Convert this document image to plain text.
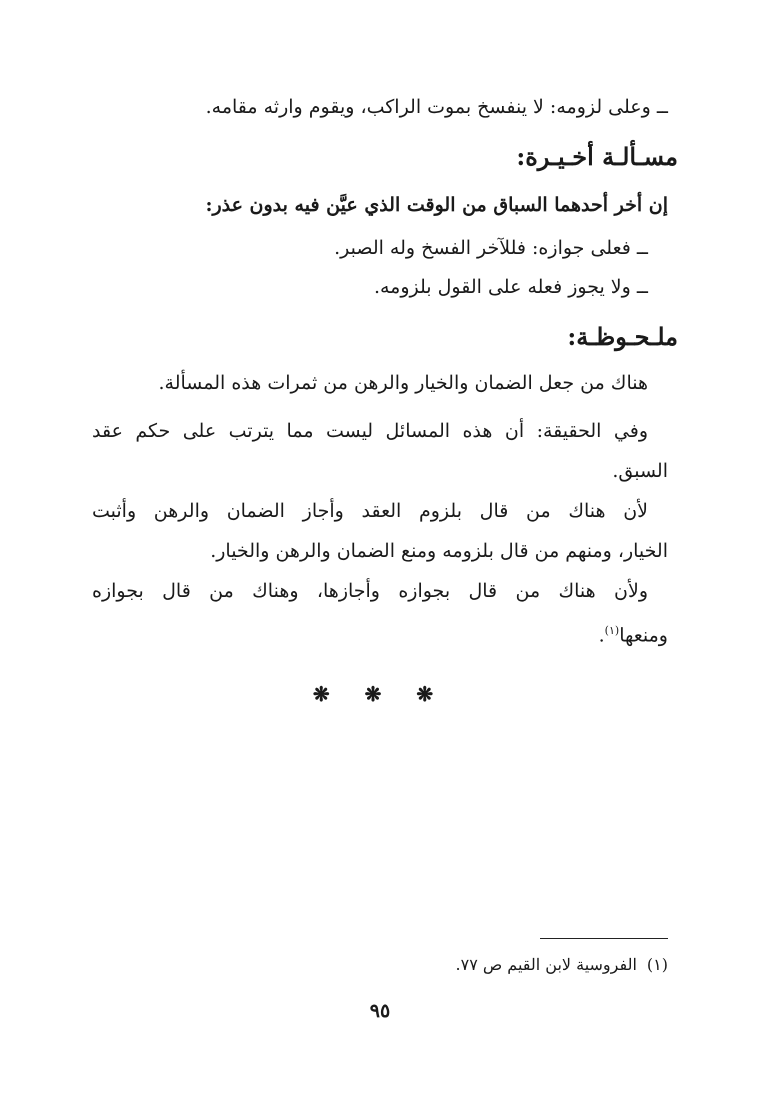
ــ وعلى لزومه: لا ينفسخ بموت الراكب، ويقوم وارثه مقامه.
مسـألـة أخـيـرة:
إن أخر أحدهما السباق من الوقت الذي عيَّن فيه بدون عذر:
ــ فعلى جوازه: فللآخر الفسخ وله الصبر.
ــ ولا يجوز فعله على القول بلزومه.
ملـحـوظـة:
هناك من جعل الضمان والخيار والرهن من ثمرات هذه المسألة.
وفي الحقيقة: أن هذه المسائل ليست مما يترتب على حكم عقد
السبق.
لأن هناك من قال بلزوم العقد وأجاز الضمان والرهن وأثبت
الخيار، ومنهم من قال بلزومه ومنع الضمان والرهن والخيار.
ولأن هناك من قال بجوازه وأجازها، وهناك من قال بجوازه
ومنعها$^{(١)}$.
❋ ❋ ❋
(١)الفروسية لابن القيم ص ٧٧.
٩٥
